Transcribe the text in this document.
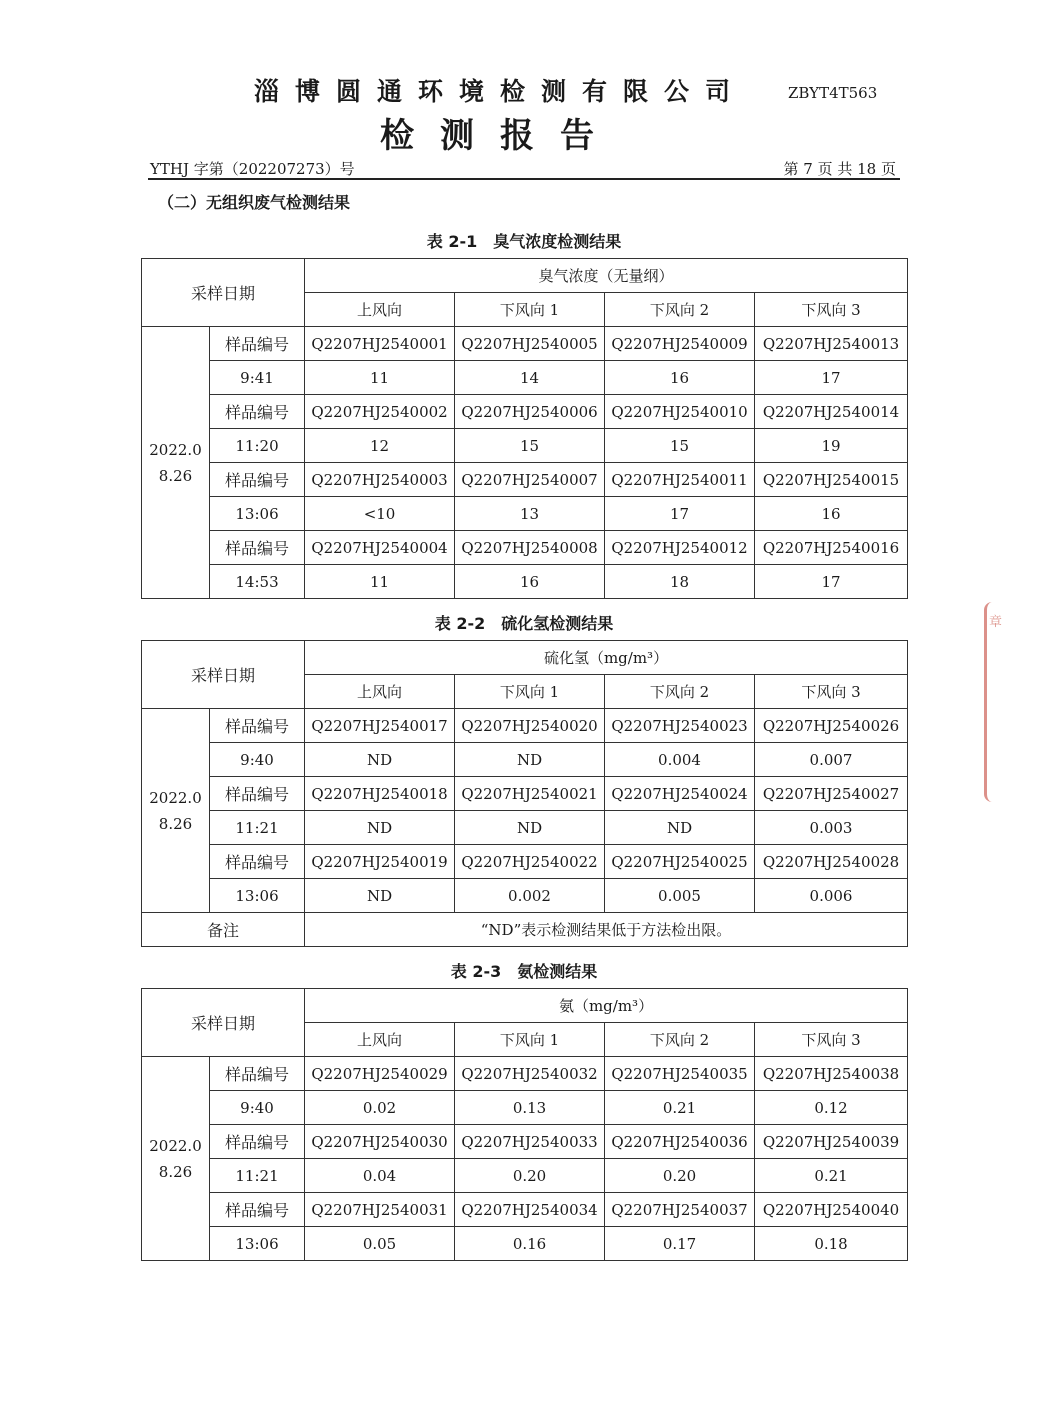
淄博圆通环境检测有限公司	ZBYT4T563
检测报告
YTHJ 字第（202207273）号	第 7 页 共 18 页
（二）无组织废气检测结果
表 2-1　臭气浓度检测结果
采样日期		臭气浓度（无量纲）			
		上风向	下风向 1	下风向 2	下风向 3

2022.0
8.26	样品编号	Q2207HJ2540001	Q2207HJ2540005	Q2207HJ2540009	Q2207HJ2540013
	9:41	11	14	16	17
	样品编号	Q2207HJ2540002	Q2207HJ2540006	Q2207HJ2540010	Q2207HJ2540014
	11:20	12	15	15	19
	样品编号	Q2207HJ2540003	Q2207HJ2540007	Q2207HJ2540011	Q2207HJ2540015
	13:06	<10	13	17	16
	样品编号	Q2207HJ2540004	Q2207HJ2540008	Q2207HJ2540012	Q2207HJ2540016
	14:53	11	16	18	17
表 2-2　硫化氢检测结果
采样日期		硫化氢（mg/m³）			
		上风向	下风向 1	下风向 2	下风向 3

2022.0
8.26	样品编号	Q2207HJ2540017	Q2207HJ2540020	Q2207HJ2540023	Q2207HJ2540026
	9:40	ND	ND	0.004	0.007
	样品编号	Q2207HJ2540018	Q2207HJ2540021	Q2207HJ2540024	Q2207HJ2540027
	11:21	ND	ND	ND	0.003
	样品编号	Q2207HJ2540019	Q2207HJ2540022	Q2207HJ2540025	Q2207HJ2540028
	13:06	ND	0.002	0.005	0.006
备注		“ND”表示检测结果低于方法检出限。			
表 2-3　氨检测结果
采样日期		氨（mg/m³）			
		上风向	下风向 1	下风向 2	下风向 3

2022.0
8.26	样品编号	Q2207HJ2540029	Q2207HJ2540032	Q2207HJ2540035	Q2207HJ2540038
	9:40	0.02	0.13	0.21	0.12
	样品编号	Q2207HJ2540030	Q2207HJ2540033	Q2207HJ2540036	Q2207HJ2540039
	11:21	0.04	0.20	0.20	0.21
	样品编号	Q2207HJ2540031	Q2207HJ2540034	Q2207HJ2540037	Q2207HJ2540040
	13:06	0.05	0.16	0.17	0.18
章
